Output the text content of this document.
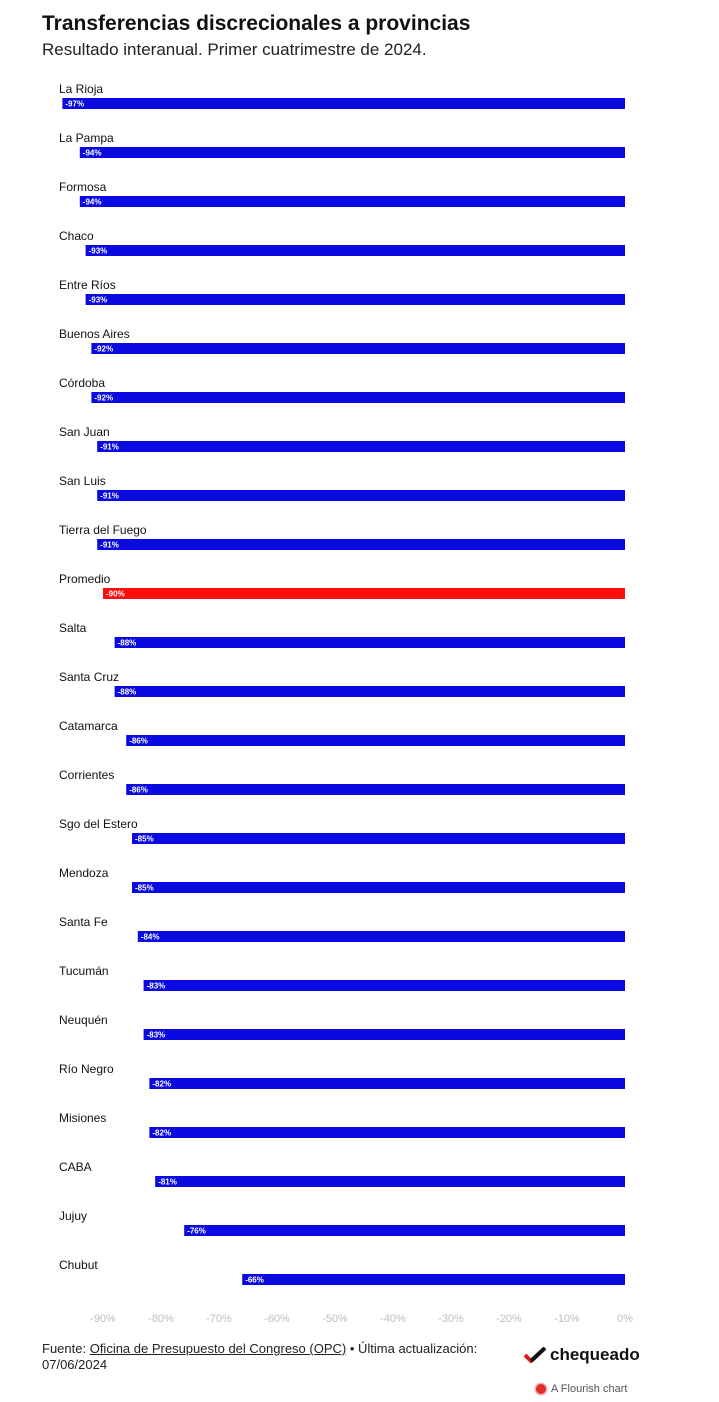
Transferencias discrecionales a provincias
Resultado interanual. Primer cuatrimestre de 2024.
La Rioja
-97%
La Pampa
-94%
Formosa
-94%
Chaco
-93%
Entre Ríos
-93%
Buenos Aires
-92%
Córdoba
-92%
San Juan
-91%
San Luis
-91%
Tierra del Fuego
-91%
Promedio
-90%
Salta
-88%
Santa Cruz
-88%
Catamarca
-86%
Corrientes
-86%
Sgo del Estero
-85%
Mendoza
-85%
Santa Fe
-84%
Tucumán
-83%
Neuquén
-83%
Río Negro
-82%
Misiones
-82%
CABA
-81%
Jujuy
-76%
Chubut
-66%
-90%	-80%	-70%	-60%	-50%	-40%	-30%	-20%	-10%	0%
Fuente: Oficina de Presupuesto del Congreso (OPC) • Última actualización: 07/06/2024
chequeado
A Flourish chart
